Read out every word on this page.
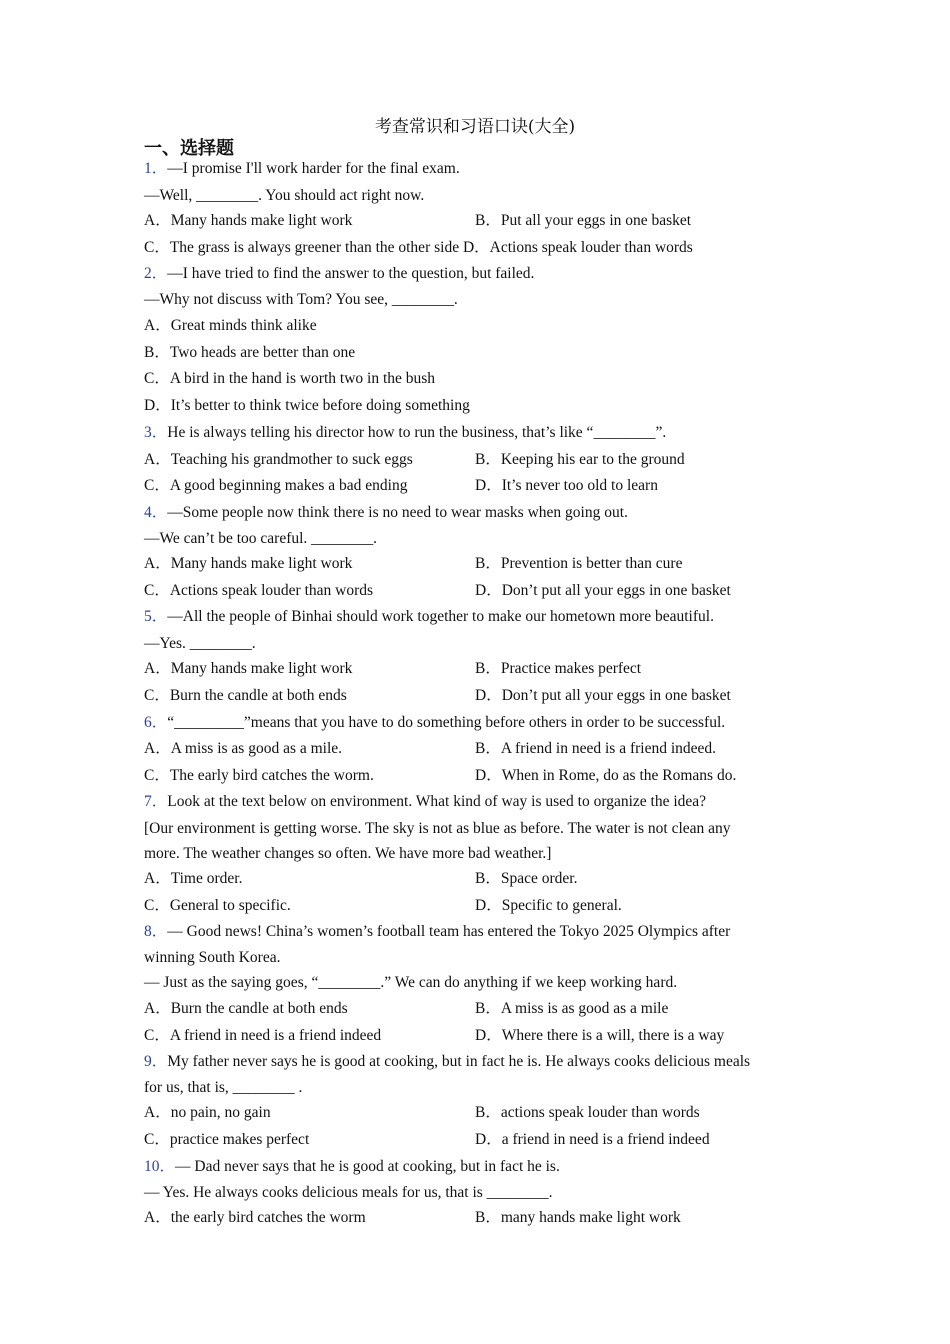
考查常识和习语口诀(大全)
一、选择题
1．—I promise I'll work harder for the final exam.
—Well, ________. You should act right now.
A．Many hands make light work	B．Put all your eggs in one basket
C．The grass is always greener than the other side D．Actions speak louder than words
2．—I have tried to find the answer to the question, but failed.
—Why not discuss with Tom? You see, ________.
A．Great minds think alike
B．Two heads are better than one
C．A bird in the hand is worth two in the bush
D．It’s better to think twice before doing something
3．He is always telling his director how to run the business, that’s like “________”.
A．Teaching his grandmother to suck eggs	B．Keeping his ear to the ground
C．A good beginning makes a bad ending	D．It’s never too old to learn
4．—Some people now think there is no need to wear masks when going out.
—We can’t be too careful. ________.
A．Many hands make light work	B．Prevention is better than cure
C．Actions speak louder than words	D．Don’t put all your eggs in one basket
5．—All the people of Binhai should work together to make our hometown more beautiful.
—Yes. ________.
A．Many hands make light work	B．Practice makes perfect
C．Burn the candle at both ends	D．Don’t put all your eggs in one basket
6．“_________”means that you have to do something before others in order to be successful.
A．A miss is as good as a mile.	B．A friend in need is a friend indeed.
C．The early bird catches the worm.	D．When in Rome, do as the Romans do.
7．Look at the text below on environment. What kind of way is used to organize the idea?
[Our environment is getting worse. The sky is not as blue as before. The water is not clean any
more. The weather changes so often. We have more bad weather.]
A．Time order.	B．Space order.
C．General to specific.	D．Specific to general.
8．— Good news! China’s women’s football team has entered the Tokyo 2025 Olympics after
winning South Korea.
— Just as the saying goes, “________.” We can do anything if we keep working hard.
A．Burn the candle at both ends	B．A miss is as good as a mile
C．A friend in need is a friend indeed	D．Where there is a will, there is a way
9．My father never says he is good at cooking, but in fact he is. He always cooks delicious meals
for us, that is, ________ .
A．no pain, no gain	B．actions speak louder than words
C．practice makes perfect	D．a friend in need is a friend indeed
10．— Dad never says that he is good at cooking, but in fact he is.
— Yes. He always cooks delicious meals for us, that is ________.
A．the early bird catches the worm	B．many hands make light work
